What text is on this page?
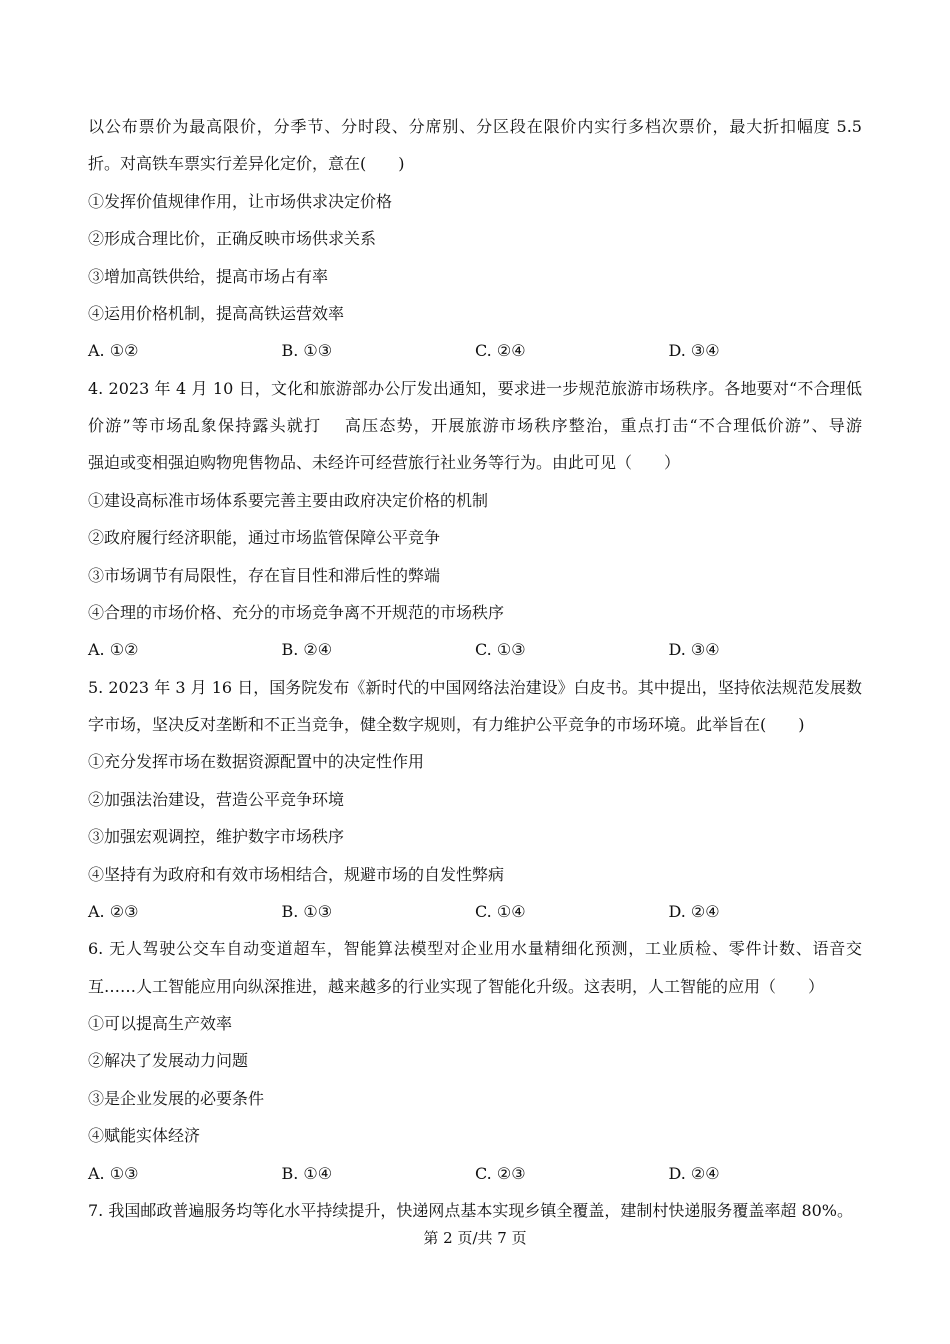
以公布票价为最高限价，分季节、分时段、分席别、分区段在限价内实行多档次票价，最大折扣幅度 5.5
折。对高铁车票实行差异化定价，意在(　　)
①发挥价值规律作用，让市场供求决定价格
②形成合理比价，正确反映市场供求关系
③增加高铁供给，提高市场占有率
④运用价格机制，提高高铁运营效率
A. ①②	B. ①③	C. ②④	D. ③④
4. 2023 年 4 月 10 日，文化和旅游部办公厅发出通知，要求进一步规范旅游市场秩序。各地要对“不合理低
价游”等市场乱象保持露头就打　 高压态势，开展旅游市场秩序整治，重点打击“不合理低价游”、导游
强迫或变相强迫购物兜售物品、未经许可经营旅行社业务等行为。由此可见（　　）
①建设高标准市场体系要完善主要由政府决定价格的机制
②政府履行经济职能，通过市场监管保障公平竞争
③市场调节有局限性，存在盲目性和滞后性的弊端
④合理的市场价格、充分的市场竞争离不开规范的市场秩序
A. ①②	B. ②④	C. ①③	D. ③④
5. 2023 年 3 月 16 日，国务院发布《新时代的中国网络法治建设》白皮书。其中提出，坚持依法规范发展数
字市场，坚决反对垄断和不正当竞争，健全数字规则，有力维护公平竞争的市场环境。此举旨在(　　)
①充分发挥市场在数据资源配置中的决定性作用
②加强法治建设，营造公平竞争环境
③加强宏观调控，维护数字市场秩序
④坚持有为政府和有效市场相结合，规避市场的自发性弊病
A. ②③	B. ①③	C. ①④	D. ②④
6. 无人驾驶公交车自动变道超车，智能算法模型对企业用水量精细化预测，工业质检、零件计数、语音交
互……人工智能应用向纵深推进，越来越多的行业实现了智能化升级。这表明，人工智能的应用（　　）
①可以提高生产效率
②解决了发展动力问题
③是企业发展的必要条件
④赋能实体经济
A. ①③	B. ①④	C. ②③	D. ②④
7. 我国邮政普遍服务均等化水平持续提升，快递网点基本实现乡镇全覆盖，建制村快递服务覆盖率超 80%。
第 2 页/共 7 页
